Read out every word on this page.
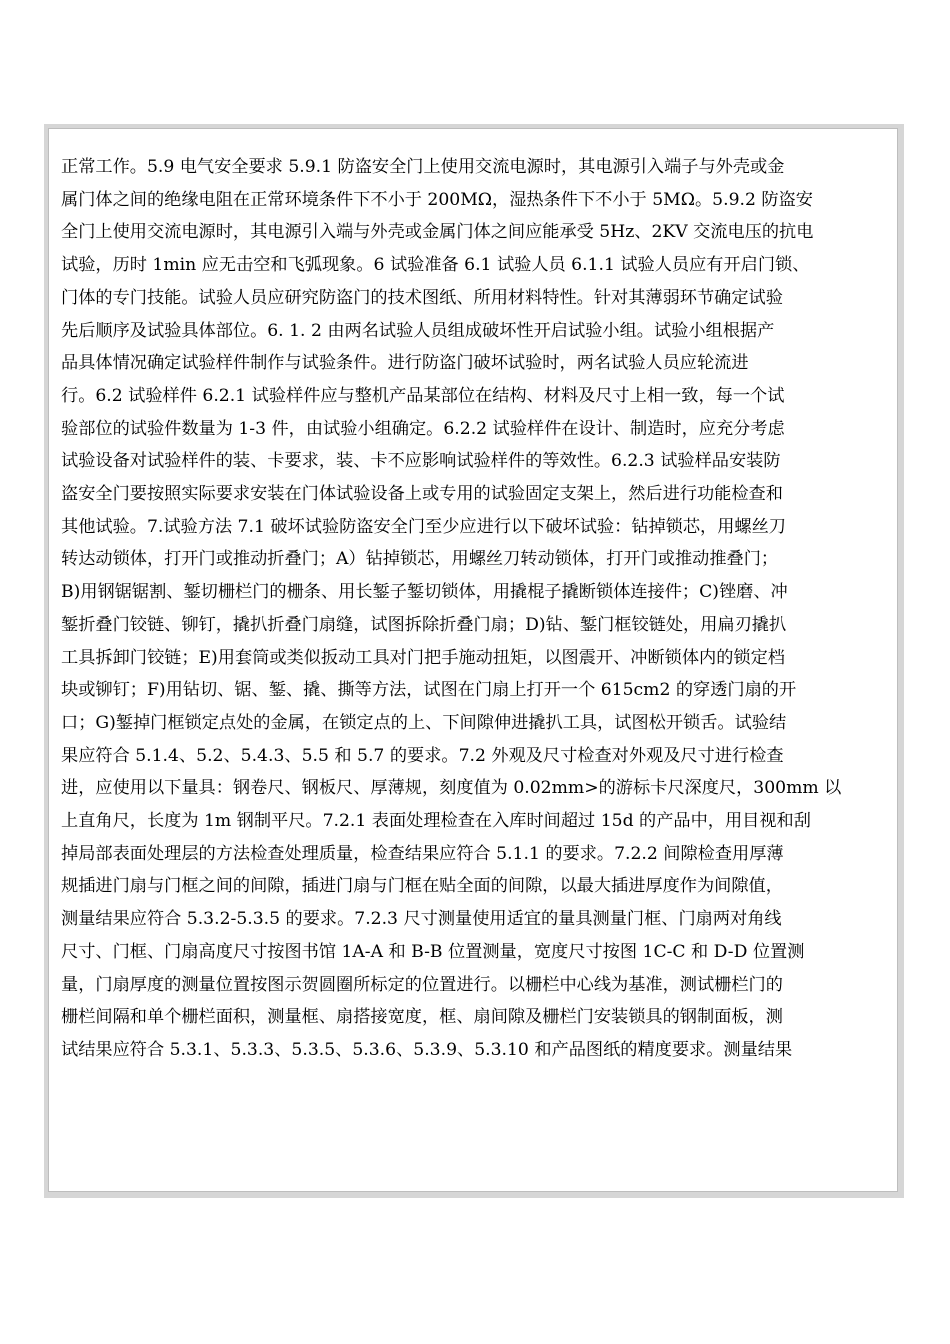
正常工作。5.9 电气安全要求 5.9.1 防盗安全门上使用交流电源时，其电源引入端子与外壳或金
属门体之间的绝缘电阻在正常环境条件下不小于 200MΩ，湿热条件下不小于 5MΩ。5.9.2 防盗安
全门上使用交流电源时，其电源引入端与外壳或金属门体之间应能承受 5Hz、2KV 交流电压的抗电
试验，历时 1min 应无击空和飞弧现象。6 试验准备 6.1 试验人员 6.1.1 试验人员应有开启门锁、
门体的专门技能。试验人员应研究防盗门的技术图纸、所用材料特性。针对其薄弱环节确定试验
先后顺序及试验具体部位。6. 1. 2 由两名试验人员组成破坏性开启试验小组。试验小组根据产
品具体情况确定试验样件制作与试验条件。进行防盗门破坏试验时，两名试验人员应轮流进
行。6.2 试验样件 6.2.1 试验样件应与整机产品某部位在结构、材料及尺寸上相一致，每一个试
验部位的试验件数量为 1-3 件，由试验小组确定。6.2.2 试验样件在设计、制造时，应充分考虑
试验设备对试验样件的装、卡要求，装、卡不应影响试验样件的等效性。6.2.3 试验样品安装防
盗安全门要按照实际要求安装在门体试验设备上或专用的试验固定支架上，然后进行功能检查和
其他试验。7.试验方法 7.1 破坏试验防盗安全门至少应进行以下破坏试验：钻掉锁芯，用螺丝刀
转达动锁体，打开门或推动折叠门；A）钻掉锁芯，用螺丝刀转动锁体，打开门或推动推叠门；
B)用钢锯锯割、錾切栅栏门的栅条、用长錾子錾切锁体，用撬棍子撬断锁体连接件；C)锉磨、冲
錾折叠门铰链、铆钉，撬扒折叠门扇缝，试图拆除折叠门扇；D)钻、錾门框铰链处，用扁刃撬扒
工具拆卸门铰链；E)用套筒或类似扳动工具对门把手施动扭矩，以图震开、冲断锁体内的锁定档
块或铆钉；F)用钻切、锯、錾、撬、撕等方法，试图在门扇上打开一个 615cm2 的穿透门扇的开
口；G)錾掉门框锁定点处的金属，在锁定点的上、下间隙伸进撬扒工具，试图松开锁舌。试验结
果应符合 5.1.4、5.2、5.4.3、5.5 和 5.7 的要求。7.2 外观及尺寸检查对外观及尺寸进行检查
进，应使用以下量具：钢卷尺、钢板尺、厚薄规，刻度值为 0.02mm>的游标卡尺深度尺，300mm 以
上直角尺，长度为 1m 钢制平尺。7.2.1 表面处理检查在入库时间超过 15d 的产品中，用目视和刮
掉局部表面处理层的方法检查处理质量，检查结果应符合 5.1.1 的要求。7.2.2 间隙检查用厚薄
规插进门扇与门框之间的间隙，插进门扇与门框在贴全面的间隙，以最大插进厚度作为间隙值，
测量结果应符合 5.3.2-5.3.5 的要求。7.2.3 尺寸测量使用适宜的量具测量门框、门扇两对角线
尺寸、门框、门扇高度尺寸按图书馆 1A-A 和 B-B 位置测量，宽度尺寸按图 1C-C 和 D-D 位置测
量，门扇厚度的测量位置按图示贺圆圈所标定的位置进行。以栅栏中心线为基准，测试栅栏门的
栅栏间隔和单个栅栏面积，测量框、扇搭接宽度，框、扇间隙及栅栏门安装锁具的钢制面板，测
试结果应符合 5.3.1、5.3.3、5.3.5、5.3.6、5.3.9、5.3.10 和产品图纸的精度要求。测量结果
